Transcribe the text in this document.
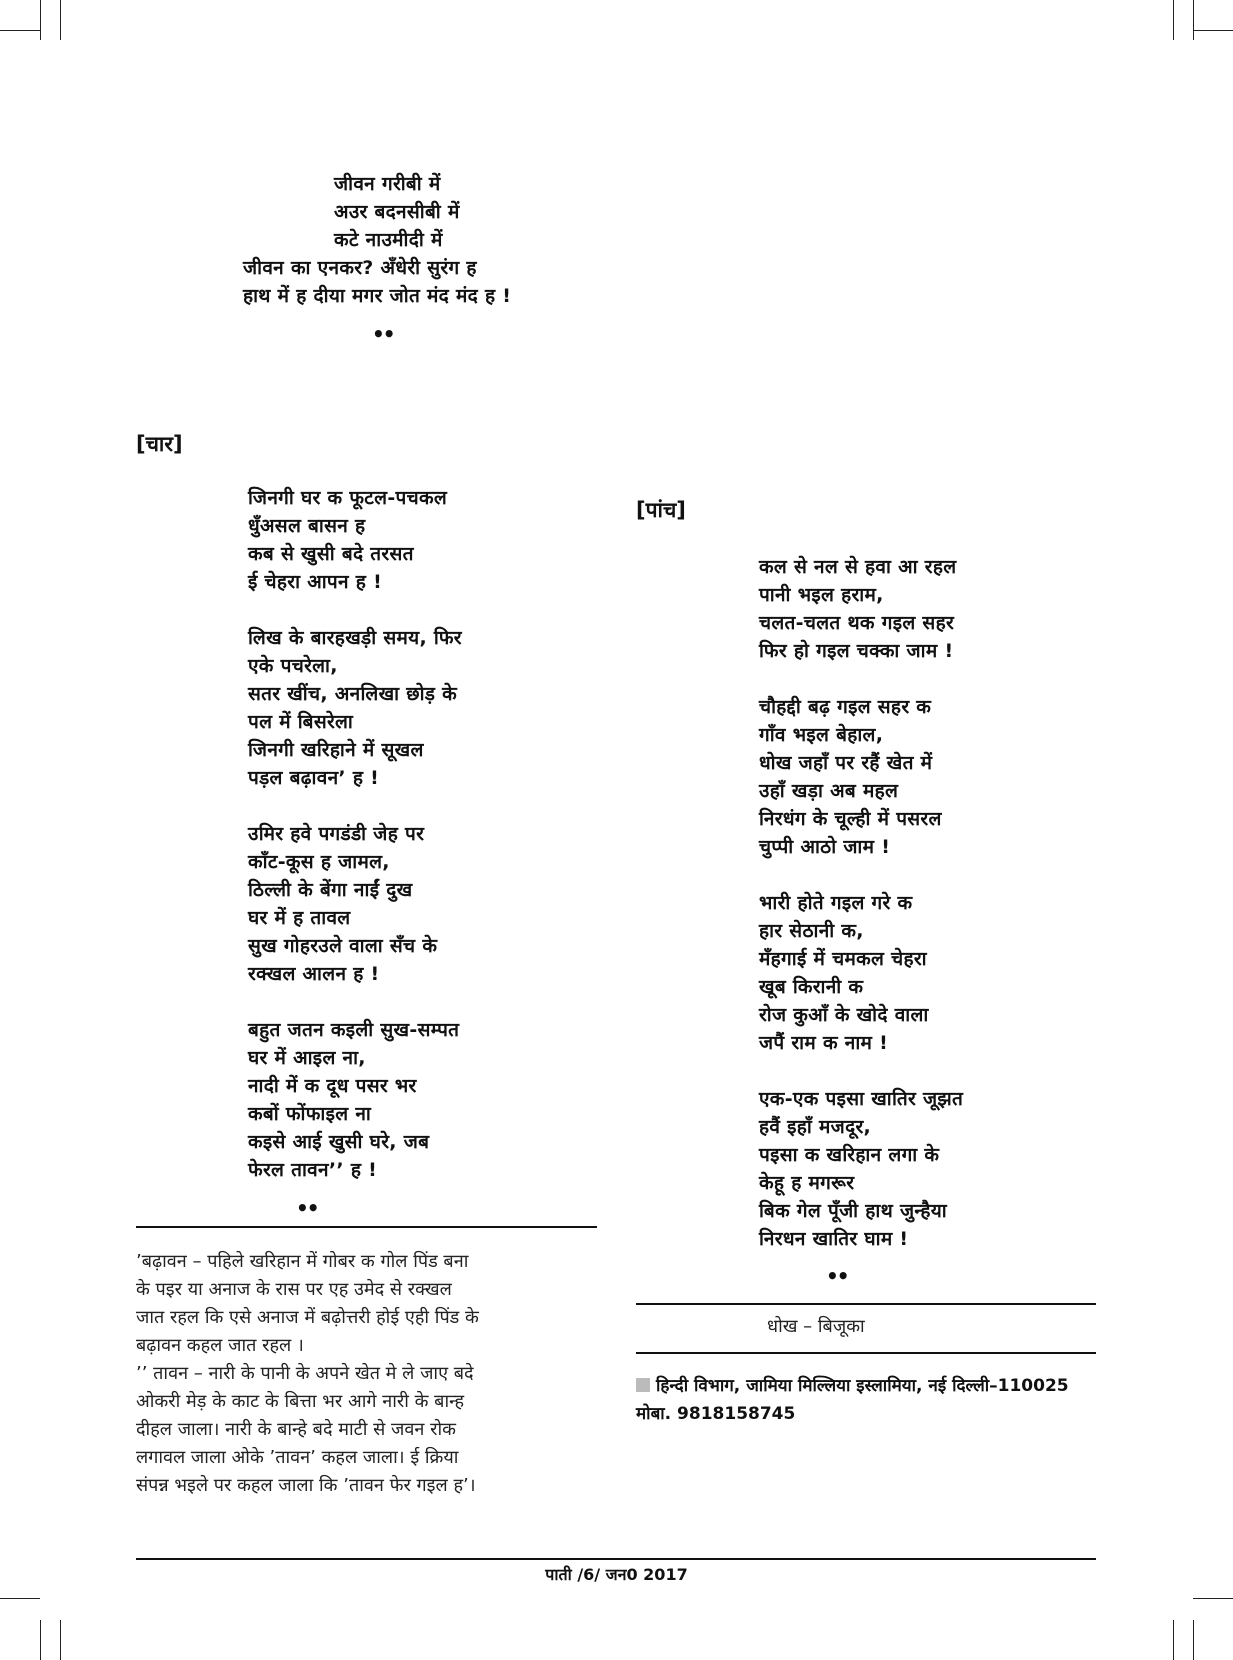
जीवन गरीबी में
अउर बदनसीबी में
कटे नाउमीदी में
जीवन का एनकर? अँधेरी सुरंग ह
हाथ में ह दीया मगर जोत मंद मंद ह !
••
[चार]
जिनगी घर क फूटल-पचकल
धुँअसल बासन ह
कब से खुसी बदे तरसत
ई चेहरा आपन ह !
लिख के बारहखड़ी समय, फिर
एके पचरेला,
सतर खींच, अनलिखा छोड़ के
पल में बिसरेला
जिनगी खरिहाने में सूखल
पड़ल बढ़ावन’ ह !
उमिर हवे पगडंडी जेह पर
काँट-कूस ह जामल,
ठिल्ली के बेंगा नाईं दुख
घर में ह तावल
सुख गोहरउले वाला सँच के
रक्खल आलन ह !
बहुत जतन कइली सुख-सम्पत
घर में आइल ना,
नादी में क दूध पसर भर
कबों फोंफाइल ना
कइसे आई खुसी घरे, जब
फेरल तावन’’ ह !
••

’बढ़ावन – पहिले खरिहान में गोबर क गोल पिंड बना

के पइर या अनाज के रास पर एह उमेद से रक्खल

जात रहल कि एसे अनाज में बढ़ोत्तरी होई एही पिंड के

बढ़ावन कहल जात रहल ।

’’ तावन – नारी के पानी के अपने खेत मे ले जाए बदे

ओकरी मेड़ के काट के बित्ता भर आगे नारी के बान्ह

दीहल जाला। नारी के बान्हे बदे माटी से जवन रोक

लगावल जाला ओके ’तावन’ कहल जाला। ई क्रिया

संपन्न भइले पर कहल जाला कि ’तावन फेर गइल ह’।

[पांच]
कल से नल से हवा आ रहल
पानी भइल हराम,
चलत-चलत थक गइल सहर
फिर हो गइल चक्का जाम !
चौहद्दी बढ़ गइल सहर क
गाँव भइल बेहाल,
धोख जहाँ पर रहैं खेत में
उहाँ खड़ा अब महल
निरधंग के चूल्ही में पसरल
चुप्पी आठो जाम !
भारी होते गइल गरे क
हार सेठानी क,
मँहगाई में चमकल चेहरा
खूब किरानी क
रोज कुआँ के खोदे वाला
जपैं राम क नाम !
एक-एक पइसा खातिर जूझत
हवैं इहाँ मजदूर,
पइसा क खरिहान लगा के
केहू ह मगरूर
बिक गेल पूँजी हाथ जुन्हैया
निरधन खातिर घाम !
••
धोख – बिजूका
हिन्दी विभाग, जामिया मिल्लिया इस्लामिया, नई दिल्ली–110025
मोबा. 9818158745
पाती /6/ जन0 2017
